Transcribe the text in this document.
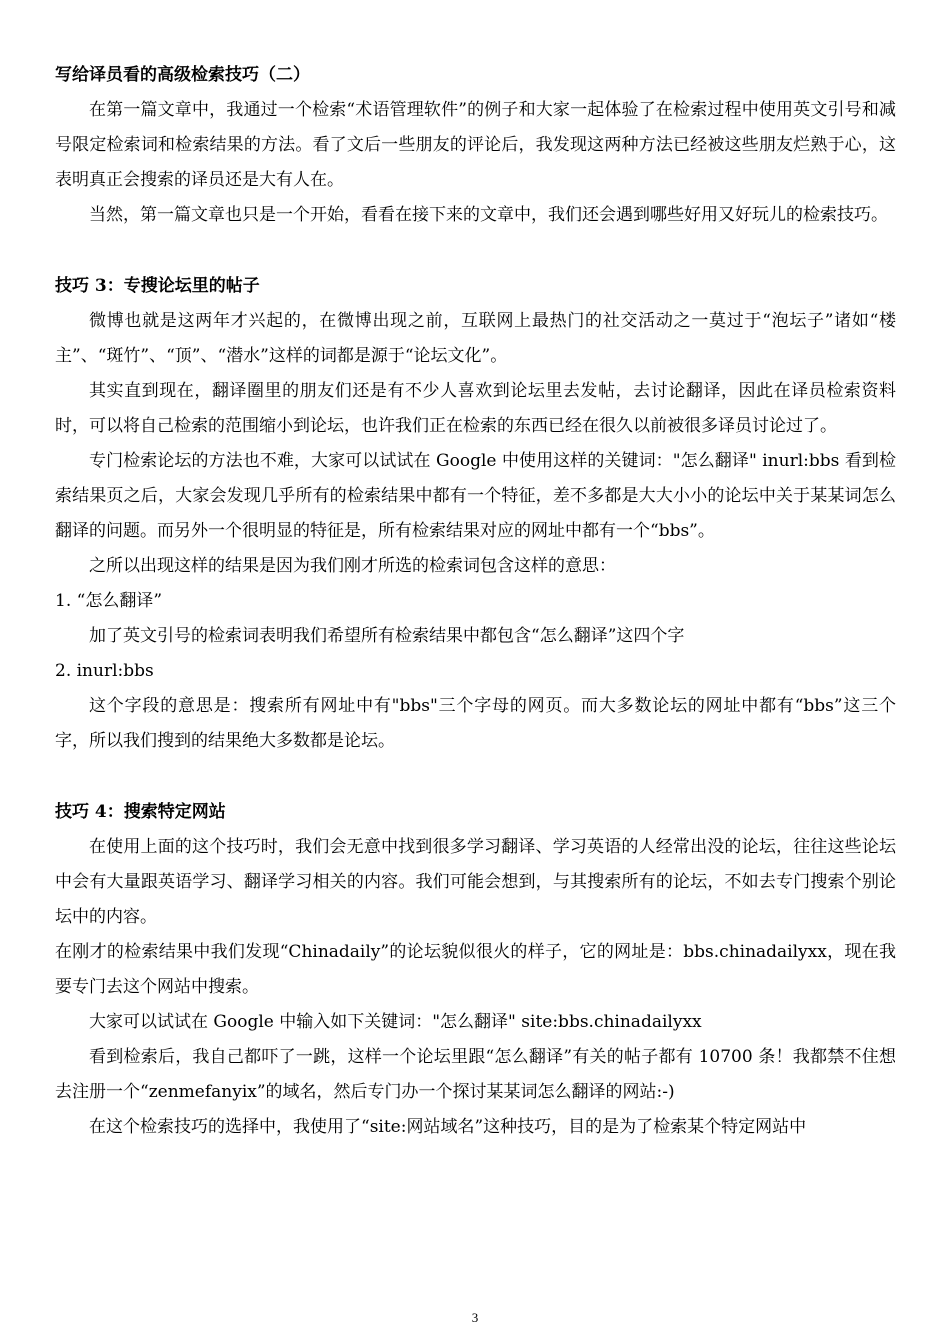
写给译员看的高级检索技巧（二）

在第一篇文章中，我通过一个检索“术语管理软件”的例子和大家一起体验了在检索过程中使用英文引号和减号限定检索词和检索结果的方法。看了文后一些朋友的评论后，我发现这两种方法已经被这些朋友烂熟于心，这表明真正会搜索的译员还是大有人在。

当然，第一篇文章也只是一个开始，看看在接下来的文章中，我们还会遇到哪些好用又好玩儿的检索技巧。

技巧 3：专搜论坛里的帖子

微博也就是这两年才兴起的，在微博出现之前，互联网上最热门的社交活动之一莫过于“泡坛子”诸如“楼主”、“斑竹”、“顶”、“潜水”这样的词都是源于“论坛文化”。

其实直到现在，翻译圈里的朋友们还是有不少人喜欢到论坛里去发帖，去讨论翻译，因此在译员检索资料时，可以将自己检索的范围缩小到论坛，也许我们正在检索的东西已经在很久以前被很多译员讨论过了。

专门检索论坛的方法也不难，大家可以试试在 Google 中使用这样的关键词："怎么翻译" inurl:bbs 看到检索结果页之后，大家会发现几乎所有的检索结果中都有一个特征，差不多都是大大小小的论坛中关于某某词怎么翻译的问题。而另外一个很明显的特征是，所有检索结果对应的网址中都有一个“bbs”。

之所以出现这样的结果是因为我们刚才所选的检索词包含这样的意思：

1. “怎么翻译”

加了英文引号的检索词表明我们希望所有检索结果中都包含“怎么翻译”这四个字

2. inurl:bbs

这个字段的意思是：搜索所有网址中有"bbs"三个字母的网页。而大多数论坛的网址中都有“bbs”这三个字，所以我们搜到的结果绝大多数都是论坛。

技巧 4：搜索特定网站

在使用上面的这个技巧时，我们会无意中找到很多学习翻译、学习英语的人经常出没的论坛，往往这些论坛中会有大量跟英语学习、翻译学习相关的内容。我们可能会想到，与其搜索所有的论坛，不如去专门搜索个别论坛中的内容。

在刚才的检索结果中我们发现“Chinadaily”的论坛貌似很火的样子，它的网址是：bbs.chinadailyxx，现在我要专门去这个网站中搜索。

大家可以试试在 Google 中输入如下关键词："怎么翻译" site:bbs.chinadailyxx

看到检索后，我自己都吓了一跳，这样一个论坛里跟“怎么翻译”有关的帖子都有 10700 条！我都禁不住想去注册一个“zenmefanyix”的域名，然后专门办一个探讨某某词怎么翻译的网站:-)

在这个检索技巧的选择中，我使用了“site:网站域名”这种技巧，目的是为了检索某个特定网站中

3
